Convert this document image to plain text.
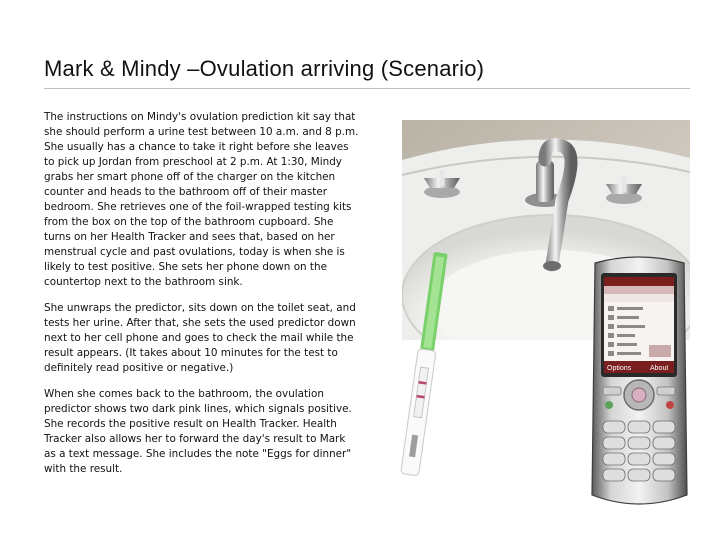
Mark & Mindy –Ovulation arriving (Scenario)

The instructions on Mindy's ovulation prediction kit say that she should perform a urine test between 10 a.m. and 8 p.m. She usually has a chance to take it right before she leaves to pick up Jordan from preschool at 2 p.m. At 1:30, Mindy grabs her smart phone off of the charger on the kitchen counter and heads to the bathroom off of their master bedroom. She retrieves one of the foil-wrapped testing kits from the box on the top of the bathroom cupboard. She turns on her Health Tracker and sees that, based on her menstrual cycle and past ovulations, today is when she is likely to test positive. She sets her phone down on the countertop next to the bathroom sink.

She unwraps the predictor, sits down on the toilet seat, and tests her urine. After that, she sets the used predictor down next to her cell phone and goes to check the mail while the result appears. (It takes about 10 minutes for the test to definitely read positive or negative.)

When she comes back to the bathroom, the ovulation predictor shows two dark pink lines, which signals positive. She records the positive result on Health Tracker. Health Tracker also allows her to forward the day's result to Mark as a text message. She includes the note "Eggs for dinner" with the result.

Options	About
